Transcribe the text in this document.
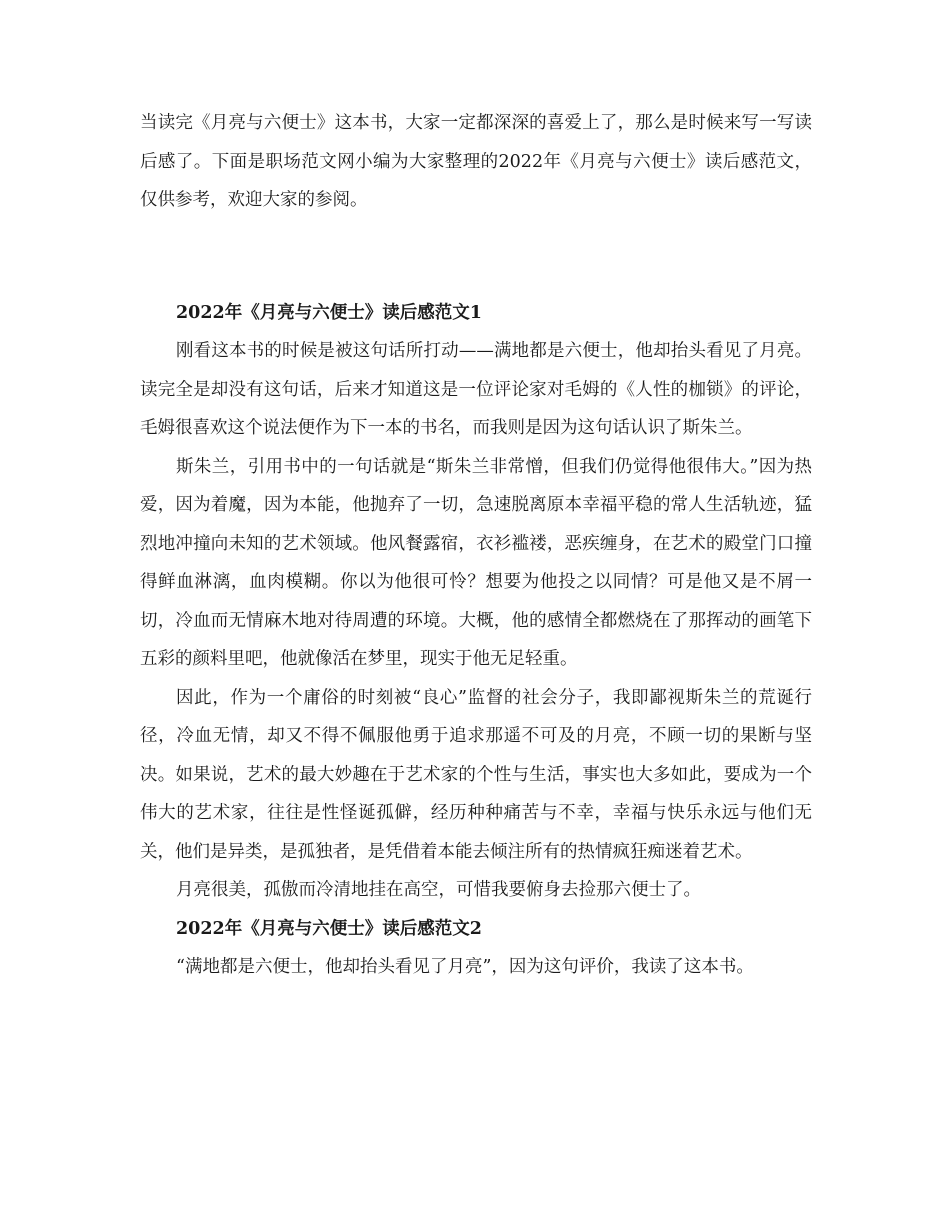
当读完《月亮与六便士》这本书，大家一定都深深的喜爱上了，那么是时候来写一写读后感了。下面是职场范文网小编为大家整理的2022年《月亮与六便士》读后感范文，仅供参考，欢迎大家的参阅。

2022年《月亮与六便士》读后感范文1

刚看这本书的时候是被这句话所打动——满地都是六便士，他却抬头看见了月亮。读完全是却没有这句话，后来才知道这是一位评论家对毛姆的《人性的枷锁》的评论，毛姆很喜欢这个说法便作为下一本的书名，而我则是因为这句话认识了斯朱兰。

斯朱兰，引用书中的一句话就是“斯朱兰非常憎，但我们仍觉得他很伟大。”因为热爱，因为着魔，因为本能，他抛弃了一切，急速脱离原本幸福平稳的常人生活轨迹，猛烈地冲撞向未知的艺术领域。他风餐露宿，衣衫褴褛，恶疾缠身，在艺术的殿堂门口撞得鲜血淋漓，血肉模糊。你以为他很可怜？想要为他投之以同情？可是他又是不屑一切，冷血而无情麻木地对待周遭的环境。大概，他的感情全都燃烧在了那挥动的画笔下五彩的颜料里吧，他就像活在梦里，现实于他无足轻重。

因此，作为一个庸俗的时刻被“良心”监督的社会分子，我即鄙视斯朱兰的荒诞行径，冷血无情，却又不得不佩服他勇于追求那遥不可及的月亮，不顾一切的果断与坚决。如果说，艺术的最大妙趣在于艺术家的个性与生活，事实也大多如此，要成为一个伟大的艺术家，往往是性怪诞孤僻，经历种种痛苦与不幸，幸福与快乐永远与他们无关，他们是异类，是孤独者，是凭借着本能去倾注所有的热情疯狂痴迷着艺术。

月亮很美，孤傲而冷清地挂在高空，可惜我要俯身去捡那六便士了。

2022年《月亮与六便士》读后感范文2

“满地都是六便士，他却抬头看见了月亮”，因为这句评价，我读了这本书。
